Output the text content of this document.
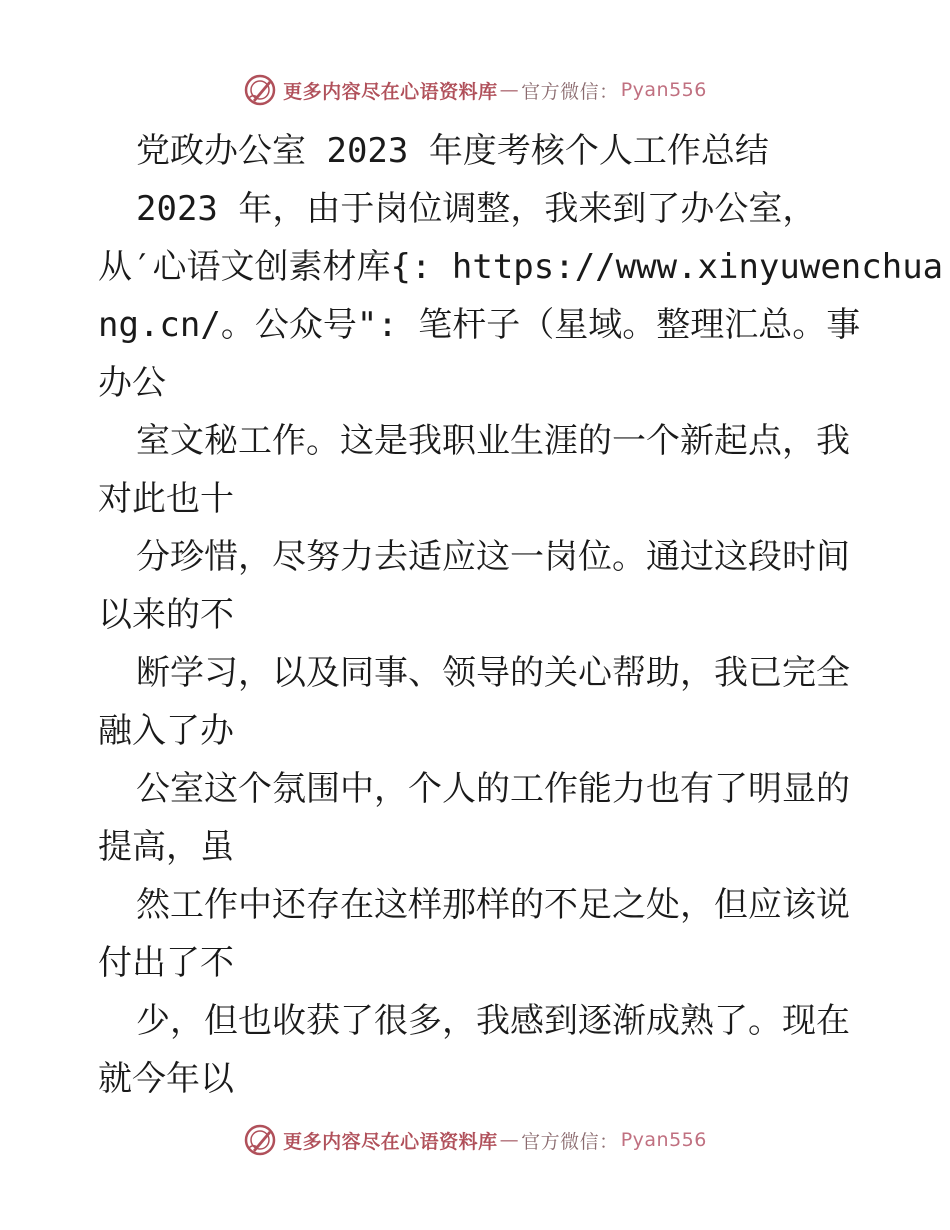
更多内容尽在心语资料库 — 官方微信： Pyan556
党政办公室 2023 年度考核个人工作总结
2023 年，由于岗位调整，我来到了办公室，
从′心语文创素材库{: https://www.xinyuwenchua
ng.cn/。公众号": 笔杆子（星域。整理汇总。事
办公
室文秘工作。这是我职业生涯的一个新起点，我
对此也十
分珍惜，尽努力去适应这一岗位。通过这段时间
以来的不
断学习，以及同事、领导的关心帮助，我已完全
融入了办
公室这个氛围中，个人的工作能力也有了明显的
提高，虽
然工作中还存在这样那样的不足之处，但应该说
付出了不
少，但也收获了很多，我感到逐渐成熟了。现在
就今年以
更多内容尽在心语资料库 — 官方微信： Pyan556
